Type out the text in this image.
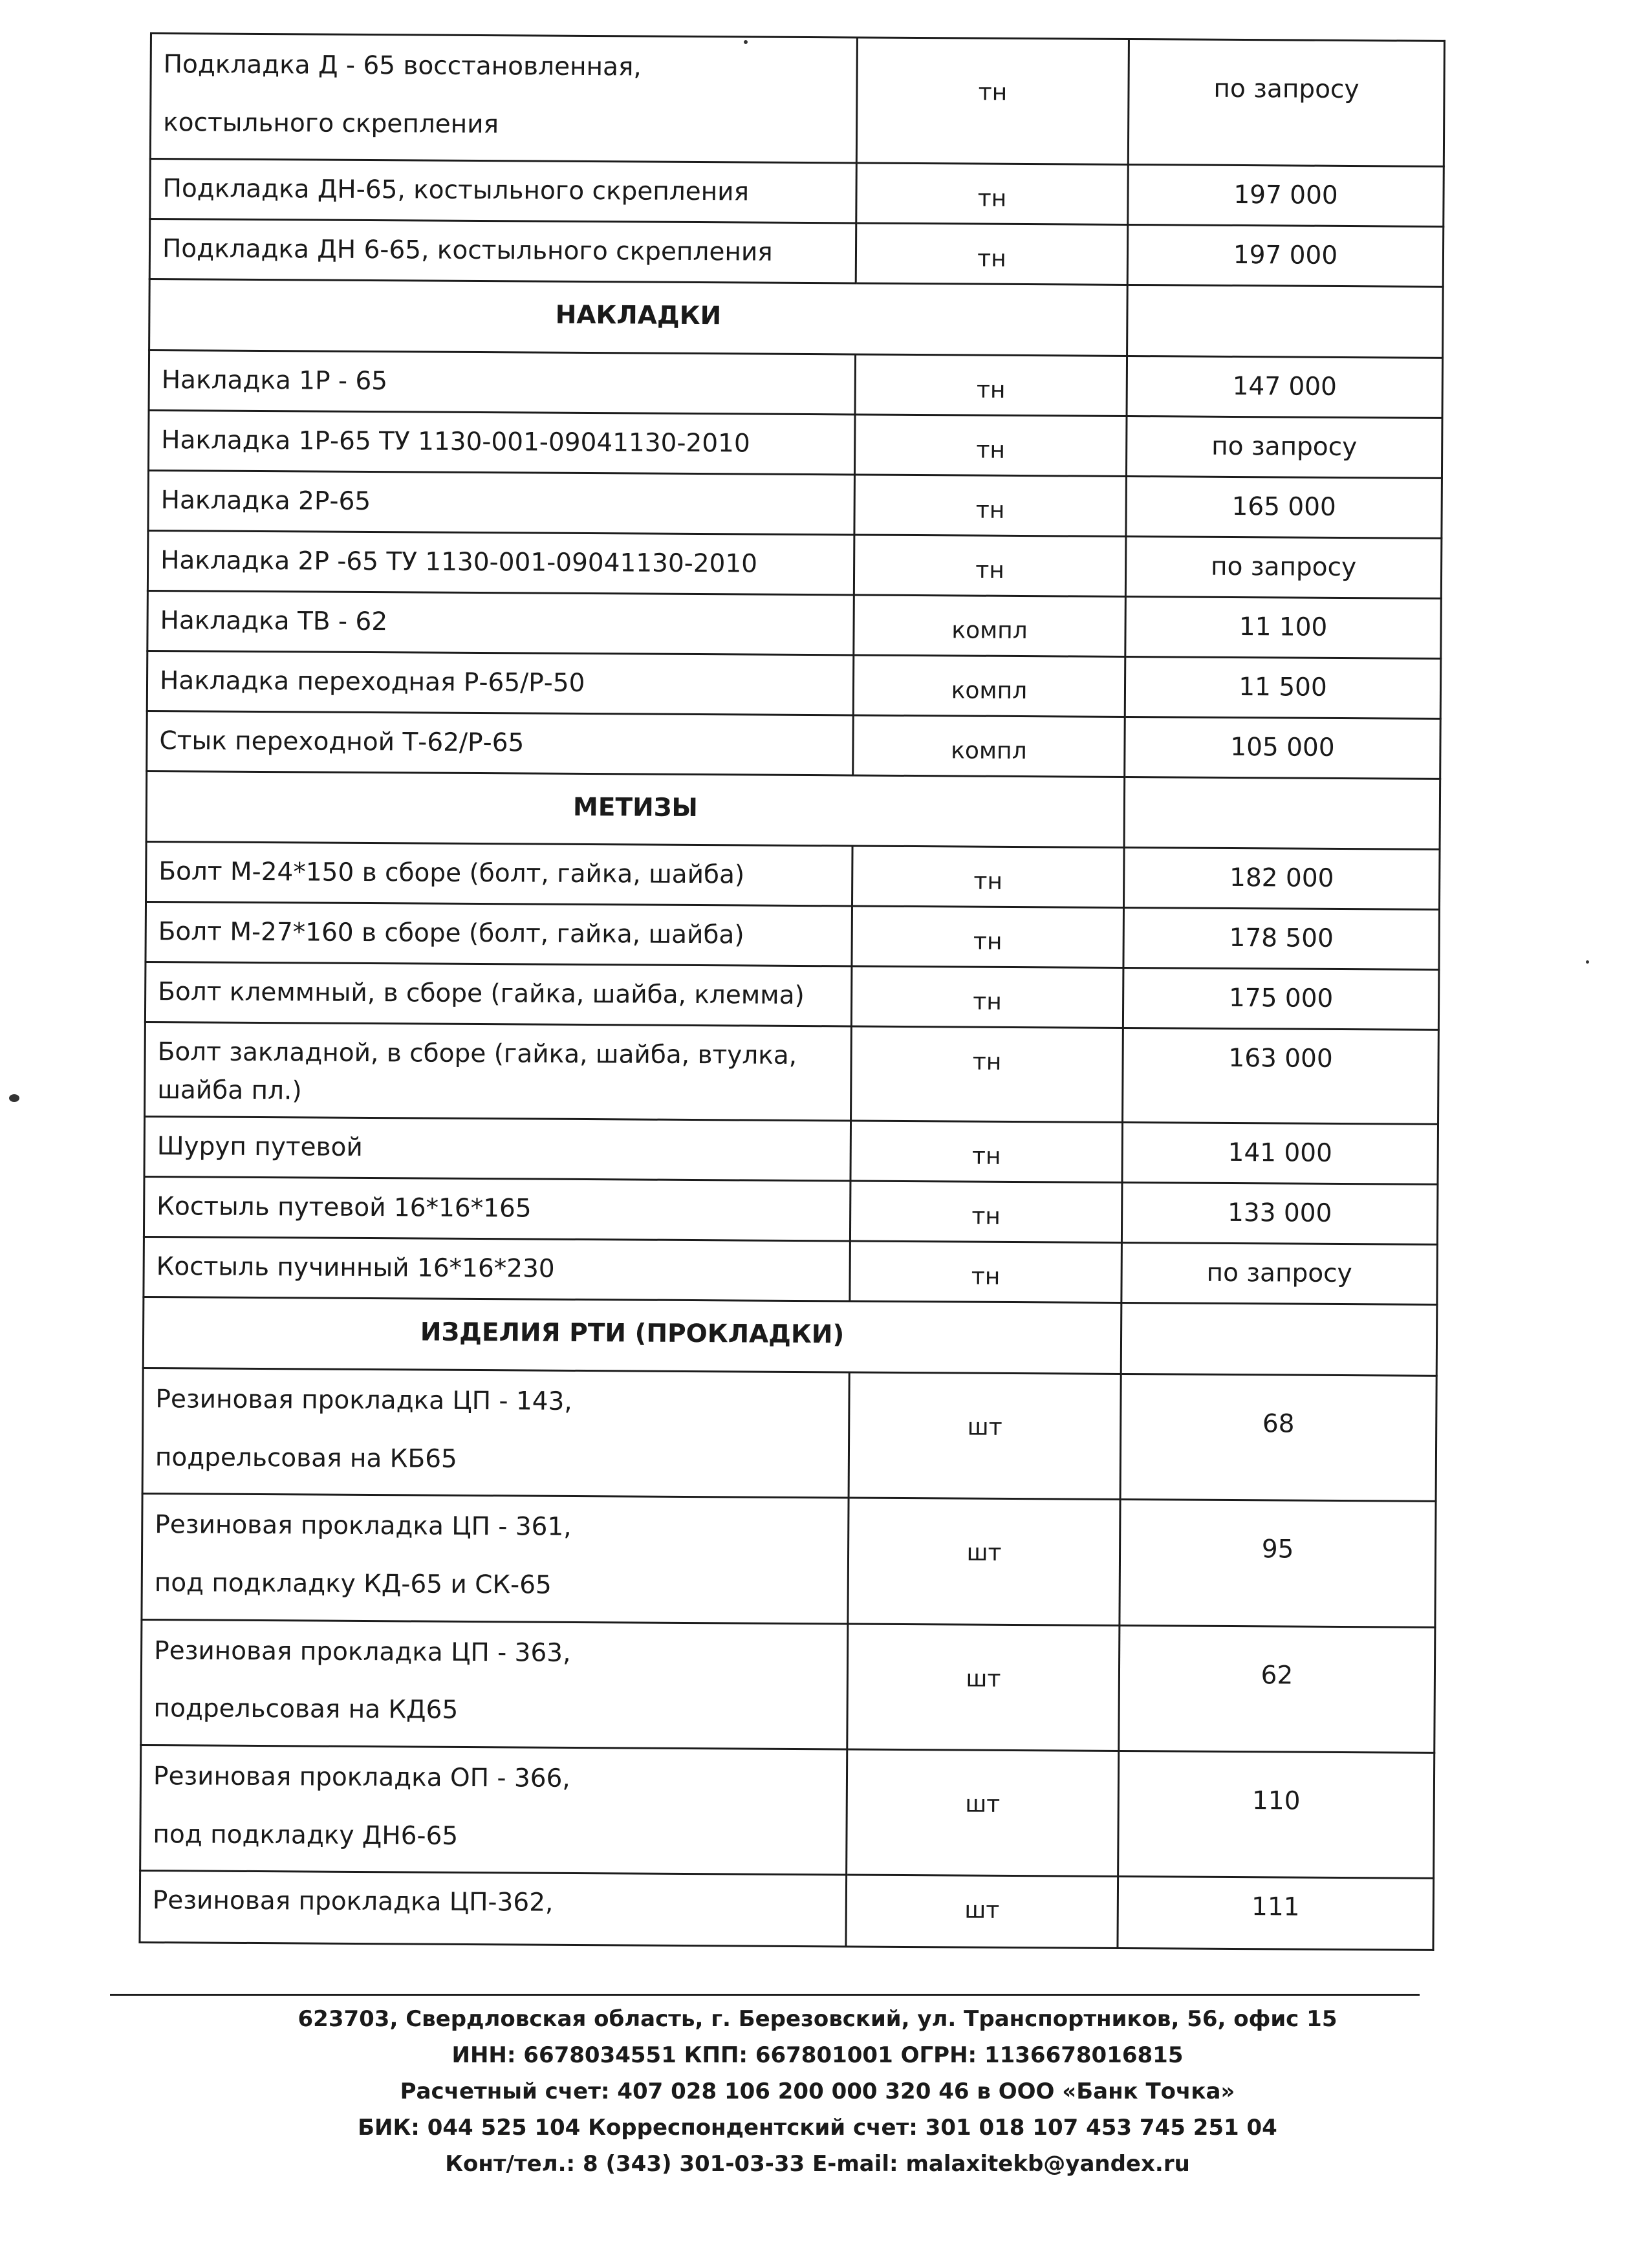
Подкладка Д - 65 восстановленная,
костыльного скрепления	тн	по запросу

Подкладка ДН-65, костыльного скрепления	тн	197 000

Подкладка ДН 6-65, костыльного скрепления	тн	197 000
НАКЛАДКИ		

Накладка 1Р - 65	тн	147 000

Накладка 1Р-65 ТУ 1130-001-09041130-2010	тн	по запросу

Накладка 2Р-65	тн	165 000

Накладка 2Р -65 ТУ 1130-001-09041130-2010	тн	по запросу

Накладка ТВ - 62	компл	11 100

Накладка переходная Р-65/Р-50	компл	11 500

Стык переходной Т-62/Р-65	компл	105 000
МЕТИЗЫ		

Болт М-24*150 в сборе (болт, гайка, шайба)	тн	182 000

Болт М-27*160 в сборе (болт, гайка, шайба)	тн	178 500

Болт клеммный, в сборе (гайка, шайба, клемма)	тн	175 000

Болт закладной, в сборе (гайка, шайба, втулка,
шайба пл.)	тн	163 000

Шуруп путевой	тн	141 000

Костыль путевой 16*16*165	тн	133 000

Костыль пучинный 16*16*230	тн	по запросу
ИЗДЕЛИЯ РТИ (ПРОКЛАДКИ)		

Резиновая прокладка ЦП - 143,
подрельсовая на КБ65	шт	68

Резиновая прокладка ЦП - 361,
под подкладку КД-65 и СК-65	шт	95

Резиновая прокладка ЦП - 363,
подрельсовая на КД65	шт	62

Резиновая прокладка ОП - 366,
под подкладку ДН6-65	шт	110

Резиновая прокладка ЦП-362,	шт	111
623703, Свердловская область, г. Березовский, ул. Транспортников, 56, офис 15
ИНН: 6678034551 КПП: 667801001 ОГРН: 1136678016815
Расчетный счет: 407 028 106 200 000 320 46 в ООО «Банк Точка»
БИК: 044 525 104 Корреспондентский счет: 301 018 107 453 745 251 04
Конт/тел.: 8 (343) 301-03-33 E-mail: malaxitekb@yandex.ru
